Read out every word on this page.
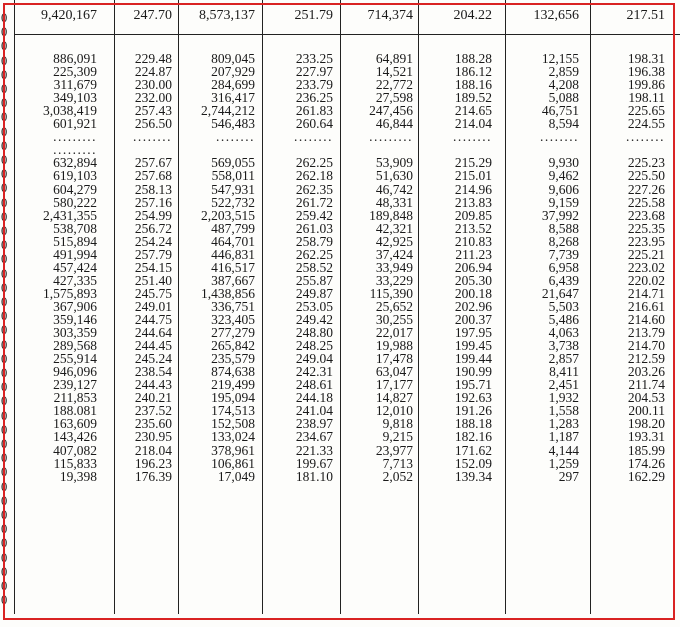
0
0
0
0
0
0
0
0
0
0
0
0
0
0
0
0
0
0
0
0
0
0
0
0
0
0
0
0
0
0
0
0
0
0
0
0
0
0
0
0
0
0
9,420,167	247.70	8,573,137	251.79	714,374	204.22	132,656	217.51
886,091	229.48	809,045	233.25	64,891	188.28	12,155	198.31
225,309	224.87	207,929	227.97	14,521	186.12	2,859	196.38
311,679	230.00	284,699	233.79	22,772	188.16	4,208	199.86
349,103	232.00	316,417	236.25	27,598	189.52	5,088	198.11
3,038,419	257.43	2,744,212	261.83	247,456	214.65	46,751	225.65
601,921	256.50	546,483	260.64	46,844	214.04	8,594	224.55
.........	........	........	........	.........	........	........	........
.........
632,894	257.67	569,055	262.25	53,909	215.29	9,930	225.23
619,103	257.68	558,011	262.18	51,630	215.01	9,462	225.50
604,279	258.13	547,931	262.35	46,742	214.96	9,606	227.26
580,222	257.16	522,732	261.72	48,331	213.83	9,159	225.58
2,431,355	254.99	2,203,515	259.42	189,848	209.85	37,992	223.68
538,708	256.72	487,799	261.03	42,321	213.52	8,588	225.35
515,894	254.24	464,701	258.79	42,925	210.83	8,268	223.95
491,994	257.79	446,831	262.25	37,424	211.23	7,739	225.21
457,424	254.15	416,517	258.52	33,949	206.94	6,958	223.02
427,335	251.40	387,667	255.87	33,229	205.30	6,439	220.02
1,575,893	245.75	1,438,856	249.87	115,390	200.18	21,647	214.71
367,906	249.01	336,751	253.05	25,652	202.96	5,503	216.61
359,146	244.75	323,405	249.42	30,255	200.37	5,486	214.60
303,359	244.64	277,279	248.80	22,017	197.95	4,063	213.79
289,568	244.45	265,842	248.25	19,988	199.45	3,738	214.70
255,914	245.24	235,579	249.04	17,478	199.44	2,857	212.59
946,096	238.54	874,638	242.31	63,047	190.99	8,411	203.26
239,127	244.43	219,499	248.61	17,177	195.71	2,451	211.74
211,853	240.21	195,094	244.18	14,827	192.63	1,932	204.53
188.081	237.52	174,513	241.04	12,010	191.26	1,558	200.11
163,609	235.60	152,508	238.97	9,818	188.18	1,283	198.20
143,426	230.95	133,024	234.67	9,215	182.16	1,187	193.31
407,082	218.04	378,961	221.33	23,977	171.62	4,144	185.99
115,833	196.23	106,861	199.67	7,713	152.09	1,259	174.26
19,398	176.39	17,049	181.10	2,052	139.34	297	162.29
